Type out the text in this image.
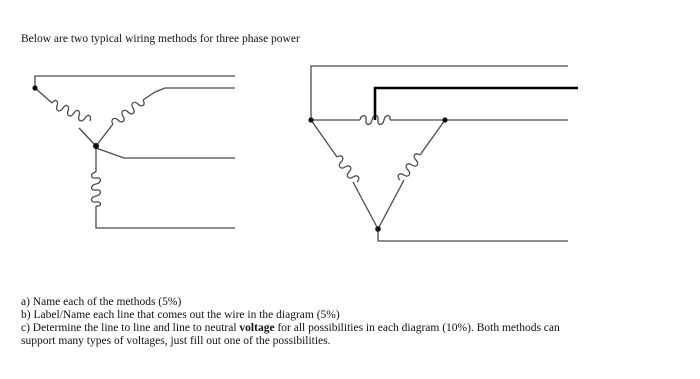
Below are two typical wiring methods for three phase power

a) Name each of the methods (5%)

b) Label/Name each line that comes out the wire in the diagram (5%)

c) Determine the line to line and line to neutral voltage for all possibilities in each diagram (10%). Both methods can

support many types of voltages, just fill out one of the possibilities.
